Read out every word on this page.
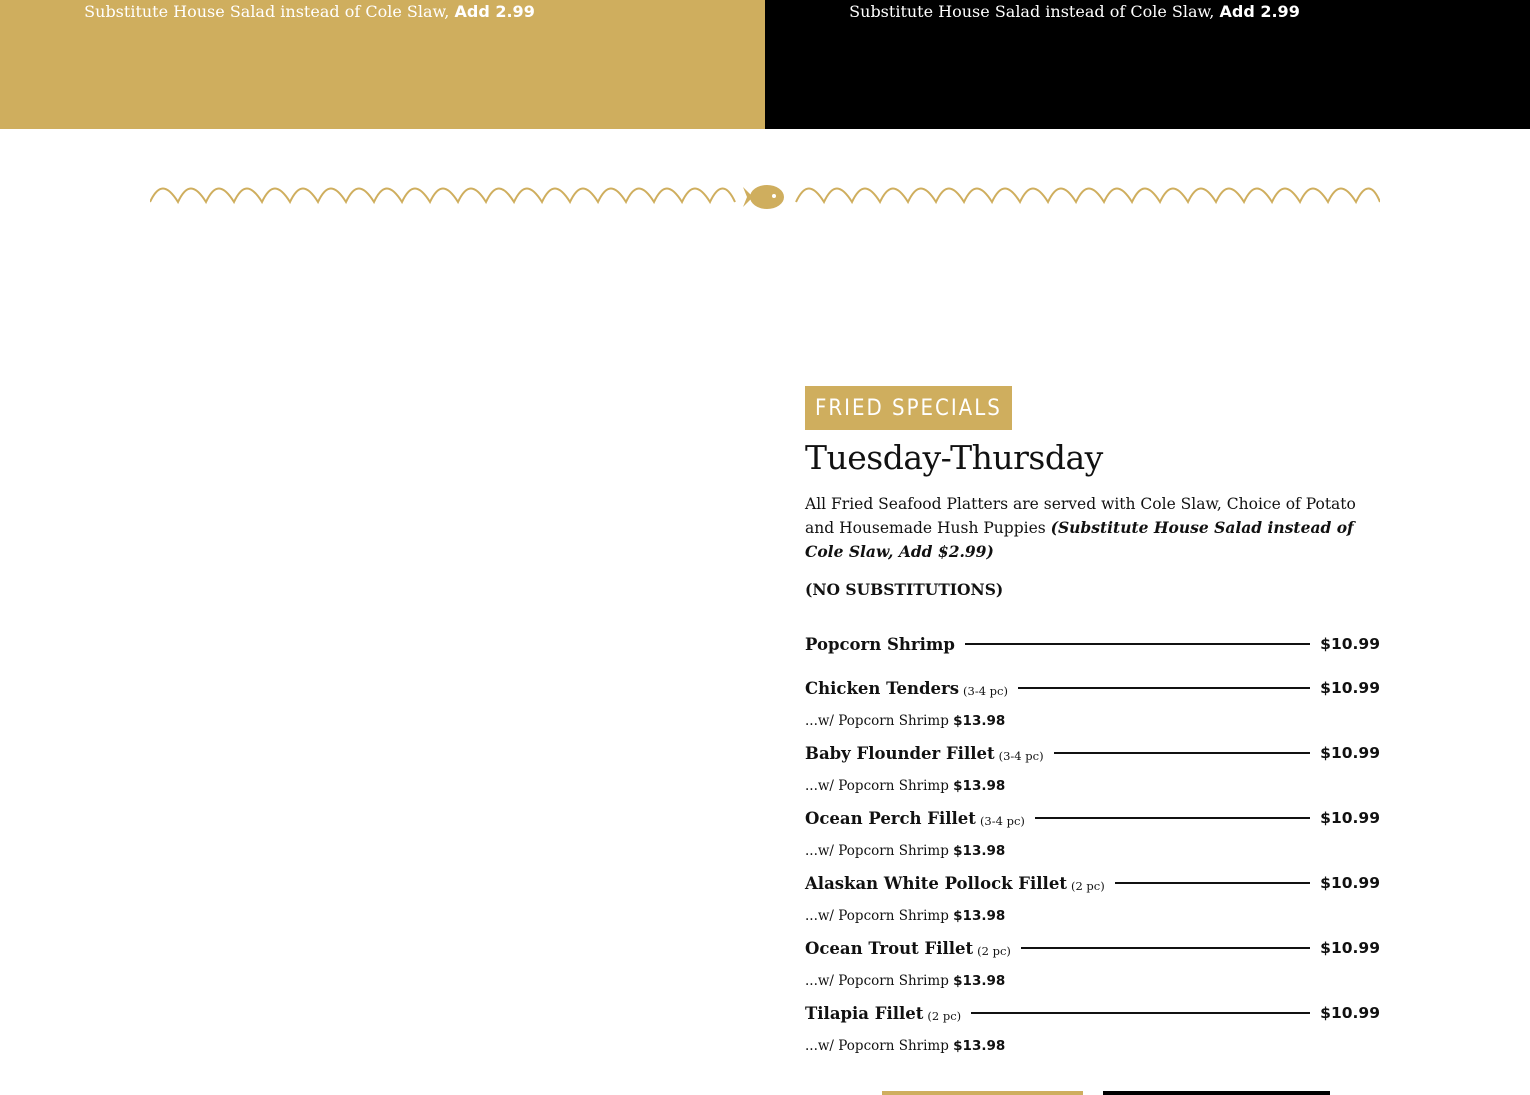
Substitute House Salad instead of Cole Slaw, Add 2.99	Substitute House Salad instead of Cole Slaw, Add 2.99
FRIED SPECIALS
Tuesday-Thursday
All Fried Seafood Platters are served with Cole Slaw, Choice of Potato and Housemade Hush Puppies (Substitute House Salad instead of Cole Slaw, Add $2.99)
(NO SUBSTITUTIONS)
Popcorn Shrimp	$10.99
Chicken Tenders (3-4 pc)	$10.99
...w/ Popcorn Shrimp $13.98
Baby Flounder Fillet (3-4 pc)	$10.99
...w/ Popcorn Shrimp $13.98
Ocean Perch Fillet (3-4 pc)	$10.99
...w/ Popcorn Shrimp $13.98
Alaskan White Pollock Fillet (2 pc)	$10.99
...w/ Popcorn Shrimp $13.98
Ocean Trout Fillet (2 pc)	$10.99
...w/ Popcorn Shrimp $13.98
Tilapia Fillet (2 pc)	$10.99
...w/ Popcorn Shrimp $13.98
